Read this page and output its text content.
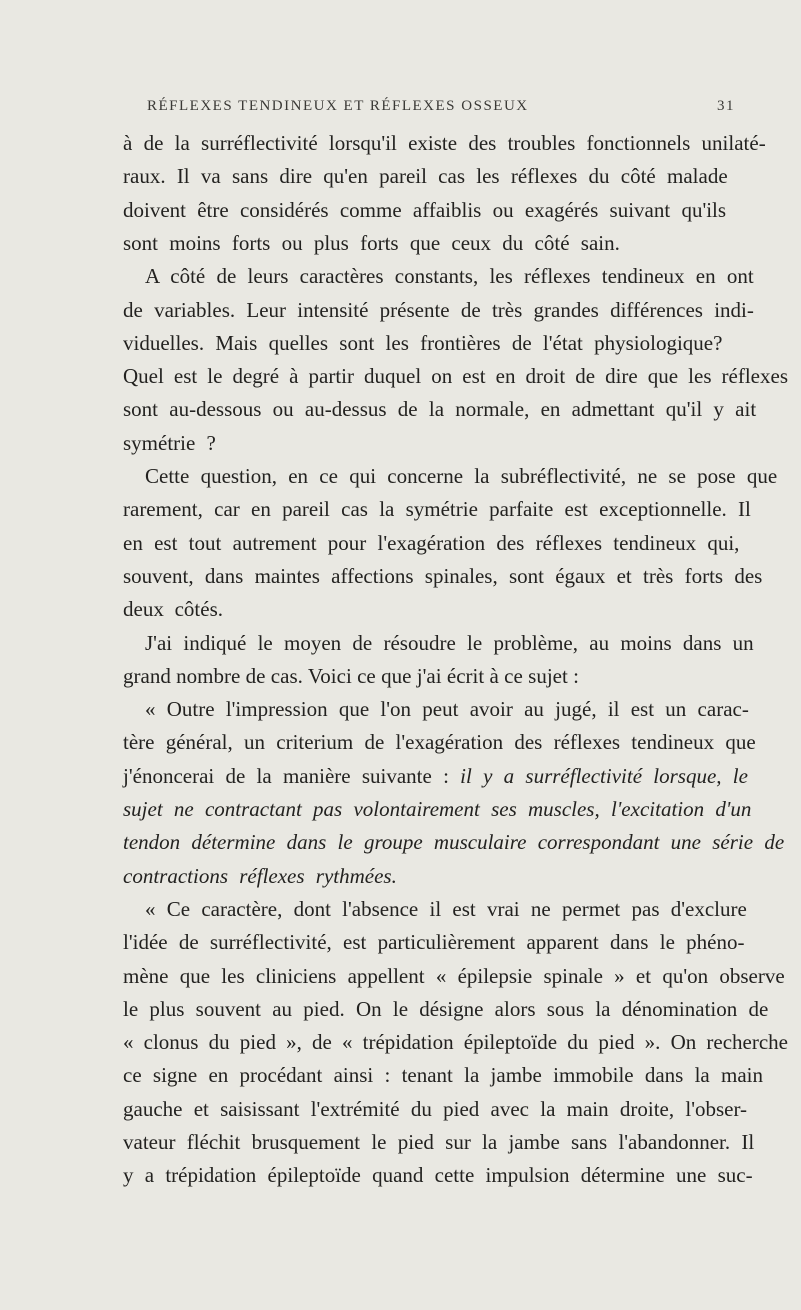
RÉFLEXES TENDINEUX ET RÉFLEXES OSSEUX	31
à de la surréflectivité lorsqu'il existe des troubles fonctionnels unilaté-
raux. Il va sans dire qu'en pareil cas les réflexes du côté malade
doivent être considérés comme affaiblis ou exagérés suivant qu'ils
sont moins forts ou plus forts que ceux du côté sain.
A côté de leurs caractères constants, les réflexes tendineux en ont
de variables. Leur intensité présente de très grandes différences indi-
viduelles. Mais quelles sont les frontières de l'état physiologique?
Quel est le degré à partir duquel on est en droit de dire que les réflexes
sont au-dessous ou au-dessus de la normale, en admettant qu'il y ait
symétrie ?
Cette question, en ce qui concerne la subréflectivité, ne se pose que
rarement, car en pareil cas la symétrie parfaite est exceptionnelle. Il
en est tout autrement pour l'exagération des réflexes tendineux qui,
souvent, dans maintes affections spinales, sont égaux et très forts des
deux côtés.
J'ai indiqué le moyen de résoudre le problème, au moins dans un
grand nombre de cas. Voici ce que j'ai écrit à ce sujet :
« Outre l'impression que l'on peut avoir au jugé, il est un carac-
tère général, un criterium de l'exagération des réflexes tendineux que
j'énoncerai de la manière suivante : il y a surréflectivité lorsque, le
sujet ne contractant pas volontairement ses muscles, l'excitation d'un
tendon détermine dans le groupe musculaire correspondant une série de
contractions réflexes rythmées.
« Ce caractère, dont l'absence il est vrai ne permet pas d'exclure
l'idée de surréflectivité, est particulièrement apparent dans le phéno-
mène que les cliniciens appellent « épilepsie spinale » et qu'on observe
le plus souvent au pied. On le désigne alors sous la dénomination de
« clonus du pied », de « trépidation épileptoïde du pied ». On recherche
ce signe en procédant ainsi : tenant la jambe immobile dans la main
gauche et saisissant l'extrémité du pied avec la main droite, l'obser-
vateur fléchit brusquement le pied sur la jambe sans l'abandonner. Il
y a trépidation épileptoïde quand cette impulsion détermine une suc-
